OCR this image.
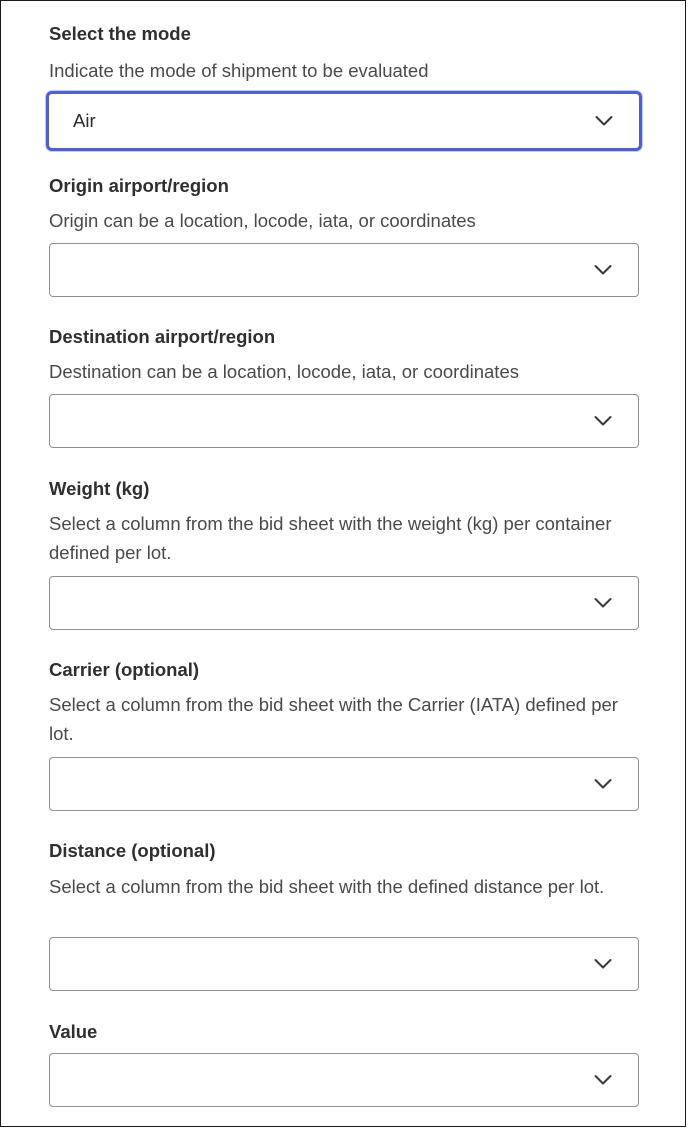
Select the mode
Indicate the mode of shipment to be evaluated
Air
Origin airport/region
Origin can be a location, locode, iata, or coordinates
Destination airport/region
Destination can be a location, locode, iata, or coordinates
Weight (kg)
Select a column from the bid sheet with the weight (kg) per container defined per lot.
Carrier (optional)
Select a column from the bid sheet with the Carrier (IATA) defined per lot.
Distance (optional)
Select a column from the bid sheet with the defined distance per lot.
Value
